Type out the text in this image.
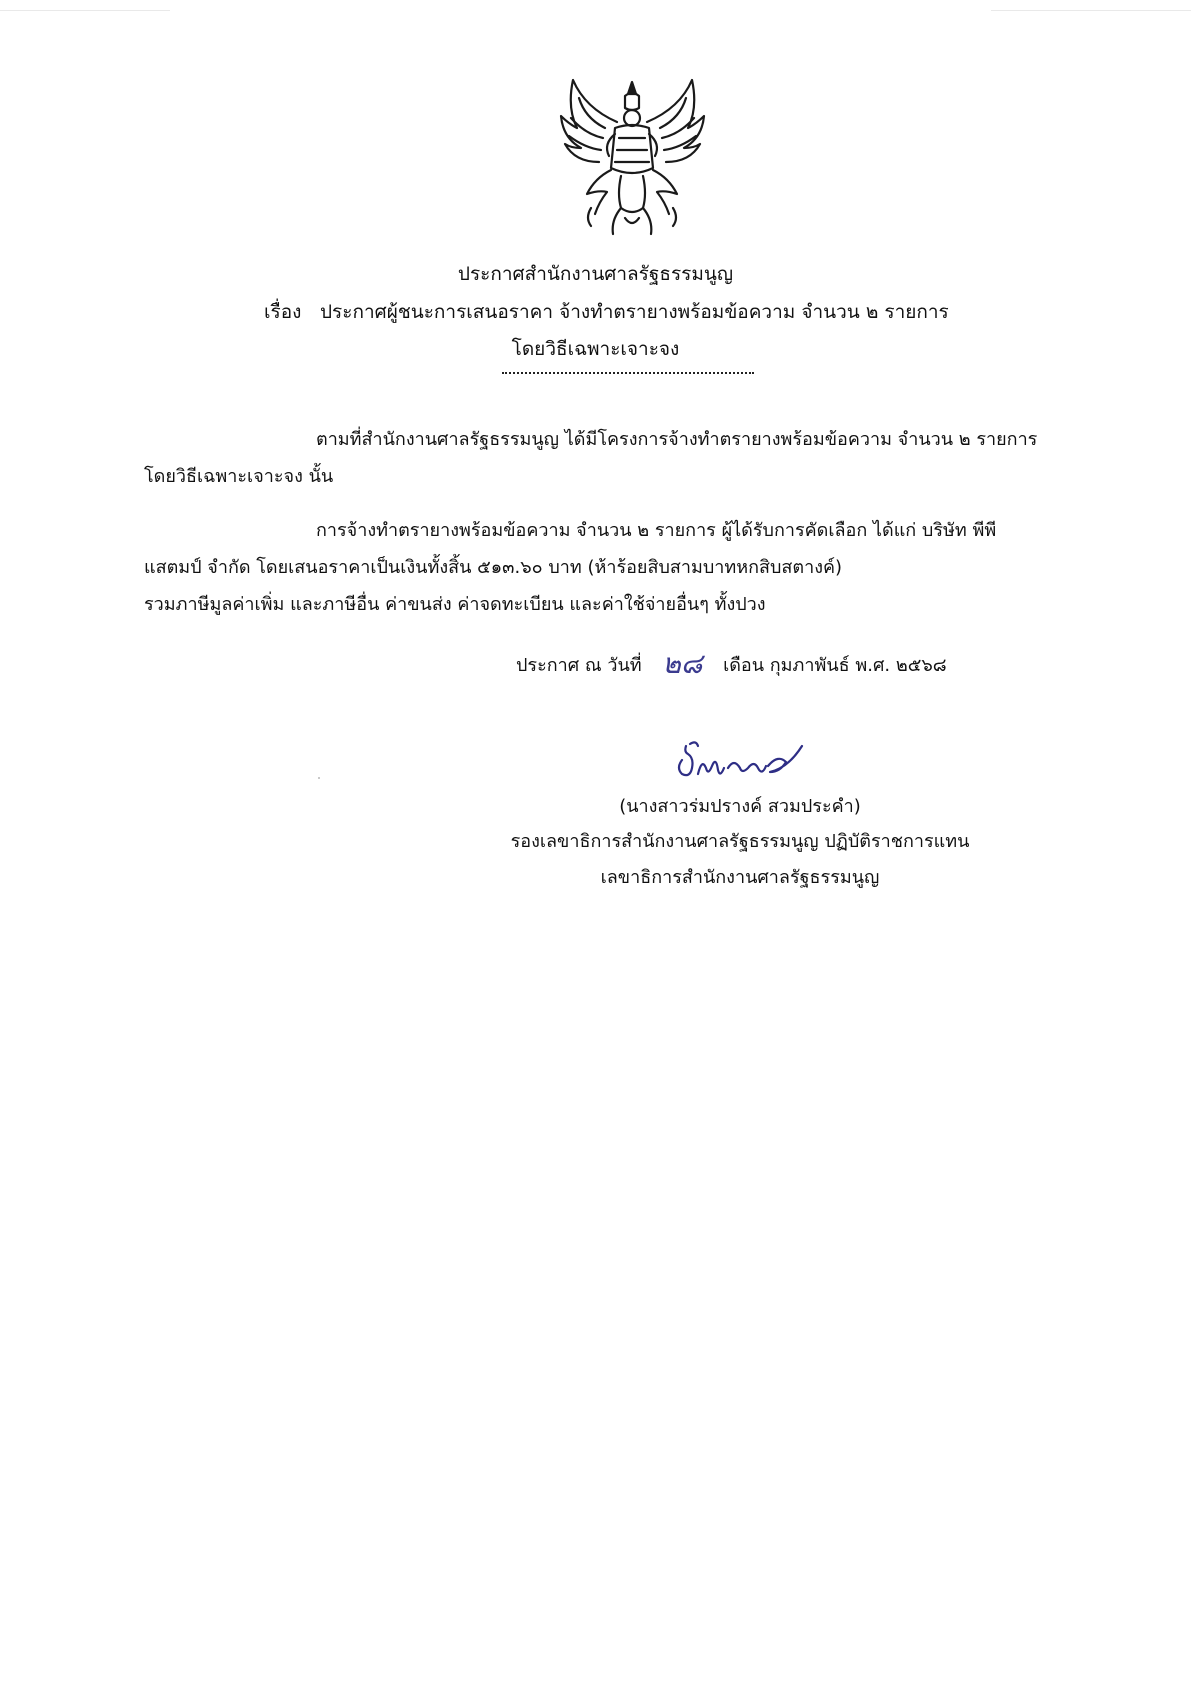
ประกาศสำนักงานศาลรัฐธรรมนูญ
เรื่อง ประกาศผู้ชนะการเสนอราคา จ้างทำตรายางพร้อมข้อความ จำนวน ๒ รายการ
โดยวิธีเฉพาะเจาะจง
ตามที่สำนักงานศาลรัฐธรรมนูญ ได้มีโครงการจ้างทำตรายางพร้อมข้อความ จำนวน ๒ รายการ
โดยวิธีเฉพาะเจาะจง นั้น
การจ้างทำตรายางพร้อมข้อความ จำนวน ๒ รายการ ผู้ได้รับการคัดเลือก ได้แก่ บริษัท พีพี
แสตมป์ จำกัด โดยเสนอราคาเป็นเงินทั้งสิ้น ๕๑๓.๖๐ บาท (ห้าร้อยสิบสามบาทหกสิบสตางค์)
รวมภาษีมูลค่าเพิ่ม และภาษีอื่น ค่าขนส่ง ค่าจดทะเบียน และค่าใช้จ่ายอื่นๆ ทั้งปวง
ประกาศ ณ วันที่ ๒๘ เดือน กุมภาพันธ์ พ.ศ. ๒๕๖๘
(นางสาวร่มปรางค์ สวมประคำ)
รองเลขาธิการสำนักงานศาลรัฐธรรมนูญ ปฏิบัติราชการแทน
เลขาธิการสำนักงานศาลรัฐธรรมนูญ
